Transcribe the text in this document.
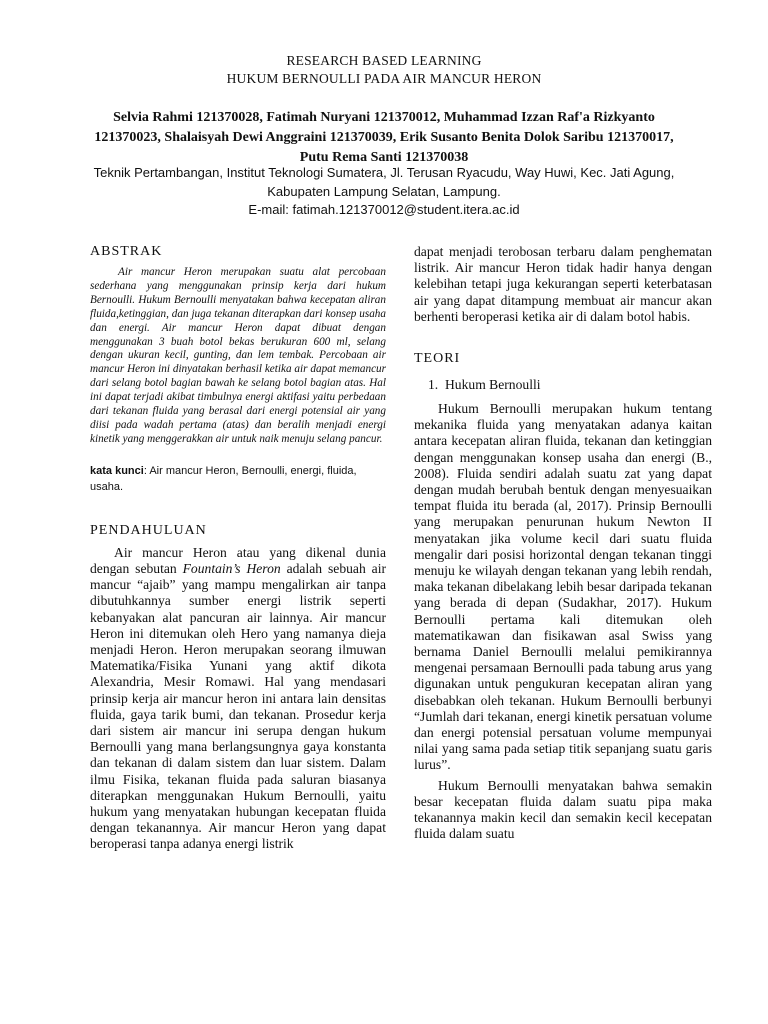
RESEARCH BASED LEARNING
HUKUM BERNOULLI PADA AIR MANCUR HERON
Selvia Rahmi 121370028, Fatimah Nuryani 121370012, Muhammad Izzan Raf'a Rizkyanto 121370023, Shalaisyah Dewi Anggraini 121370039, Erik Susanto Benita Dolok Saribu 121370017, Putu Rema Santi 121370038
Teknik Pertambangan, Institut Teknologi Sumatera, Jl. Terusan Ryacudu, Way Huwi, Kec. Jati Agung, Kabupaten Lampung Selatan, Lampung.
E-mail: fatimah.121370012@student.itera.ac.id
ABSTRAK

Air mancur Heron merupakan suatu alat percobaan sederhana yang menggunakan prinsip kerja dari hukum Bernoulli. Hukum Bernoulli menyatakan bahwa kecepatan aliran fluida,ketinggian, dan juga tekanan diterapkan dari konsep usaha dan energi. Air mancur Heron dapat dibuat dengan menggunakan 3 buah botol bekas berukuran 600 ml, selang dengan ukuran kecil, gunting, dan lem tembak. Percobaan air mancur Heron ini dinyatakan berhasil ketika air dapat memancur dari selang botol bagian bawah ke selang botol bagian atas. Hal ini dapat terjadi akibat timbulnya energi aktifasi yaitu perbedaan dari tekanan fluida yang berasal dari energi potensial air yang diisi pada wadah pertama (atas) dan beralih menjadi energi kinetik yang menggerakkan air untuk naik menuju selang pancur.

kata kunci: Air mancur Heron, Bernoulli, energi, fluida, usaha.

PENDAHULUAN

Air mancur Heron atau yang dikenal dunia dengan sebutan Fountain’s Heron adalah sebuah air mancur “ajaib” yang mampu mengalirkan air tanpa dibutuhkannya sumber energi listrik seperti kebanyakan alat pancuran air lainnya. Air mancur Heron ini ditemukan oleh Hero yang namanya dieja menjadi Heron. Heron merupakan seorang ilmuwan Matematika/Fisika Yunani yang aktif dikota Alexandria, Mesir Romawi. Hal yang mendasari prinsip kerja air mancur heron ini antara lain densitas fluida, gaya tarik bumi, dan tekanan. Prosedur kerja dari sistem air mancur ini serupa dengan hukum Bernoulli yang mana berlangsungnya gaya konstanta dan tekanan di dalam sistem dan luar sistem. Dalam ilmu Fisika, tekanan fluida pada saluran biasanya diterapkan menggunakan Hukum Bernoulli, yaitu hukum yang menyatakan hubungan kecepatan fluida dengan tekanannya. Air mancur Heron yang dapat beroperasi tanpa adanya energi listrik

dapat menjadi terobosan terbaru dalam penghematan listrik. Air mancur Heron tidak hadir hanya dengan kelebihan tetapi juga kekurangan seperti keterbatasan air yang dapat ditampung membuat air mancur akan berhenti beroperasi ketika air di dalam botol habis.

TEORI
1.  Hukum Bernoulli

Hukum Bernoulli merupakan hukum tentang mekanika fluida yang menyatakan adanya kaitan antara kecepatan aliran fluida, tekanan dan ketinggian dengan menggunakan konsep usaha dan energi (B., 2008). Fluida sendiri adalah suatu zat yang dapat dengan mudah berubah bentuk dengan menyesuaikan tempat fluida itu berada (al, 2017). Prinsip Bernoulli yang merupakan penurunan hukum Newton II menyatakan jika volume kecil dari suatu fluida mengalir dari posisi horizontal dengan tekanan tinggi menuju ke wilayah dengan tekanan yang lebih rendah, maka tekanan dibelakang lebih besar daripada tekanan yang berada di depan (Sudakhar, 2017). Hukum Bernoulli pertama kali ditemukan oleh matematikawan dan fisikawan asal Swiss yang bernama Daniel Bernoulli melalui pemikirannya mengenai persamaan Bernoulli pada tabung arus yang digunakan untuk pengukuran kecepatan aliran yang disebabkan oleh tekanan. Hukum Bernoulli berbunyi “Jumlah dari tekanan, energi kinetik persatuan volume dan energi potensial persatuan volume mempunyai nilai yang sama pada setiap titik sepanjang suatu garis lurus”.

Hukum Bernoulli menyatakan bahwa semakin besar kecepatan fluida dalam suatu pipa maka tekanannya makin kecil dan semakin kecil kecepatan fluida dalam suatu
